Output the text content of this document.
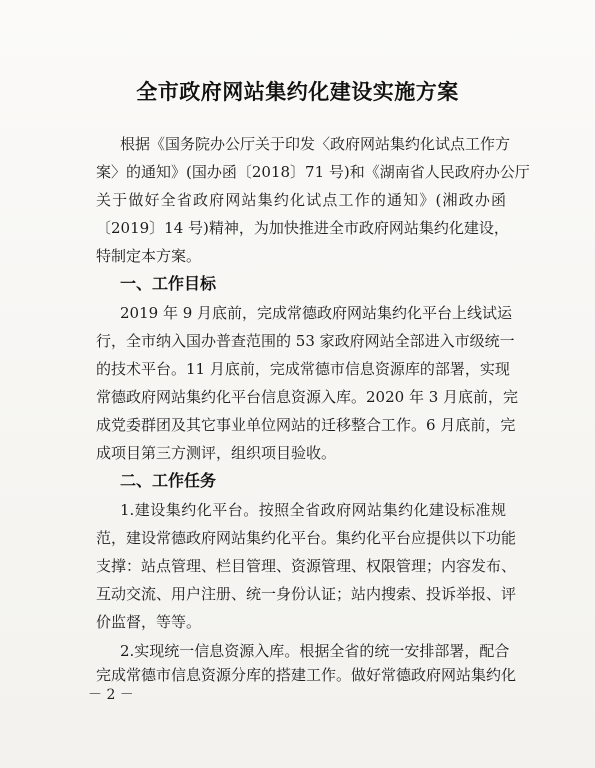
全市政府网站集约化建设实施方案
根据《国务院办公厅关于印发〈政府网站集约化试点工作方
案〉的通知》(国办函〔2018〕71 号)和《湖南省人民政府办公厅
关于做好全省政府网站集约化试点工作的通知》(湘政办函
〔2019〕14 号)精神，为加快推进全市政府网站集约化建设，
特制定本方案。
一、工作目标
2019 年 9 月底前，完成常德政府网站集约化平台上线试运
行，全市纳入国办普查范围的 53 家政府网站全部进入市级统一
的技术平台。11 月底前，完成常德市信息资源库的部署，实现
常德政府网站集约化平台信息资源入库。2020 年 3 月底前，完
成党委群团及其它事业单位网站的迁移整合工作。6 月底前，完
成项目第三方测评，组织项目验收。
二、工作任务
1.建设集约化平台。按照全省政府网站集约化建设标准规
范，建设常德政府网站集约化平台。集约化平台应提供以下功能
支撑：站点管理、栏目管理、资源管理、权限管理；内容发布、
互动交流、用户注册、统一身份认证；站内搜索、投诉举报、评
价监督，等等。
2.实现统一信息资源入库。根据全省的统一安排部署，配合
完成常德市信息资源分库的搭建工作。做好常德政府网站集约化
－ 2 －
